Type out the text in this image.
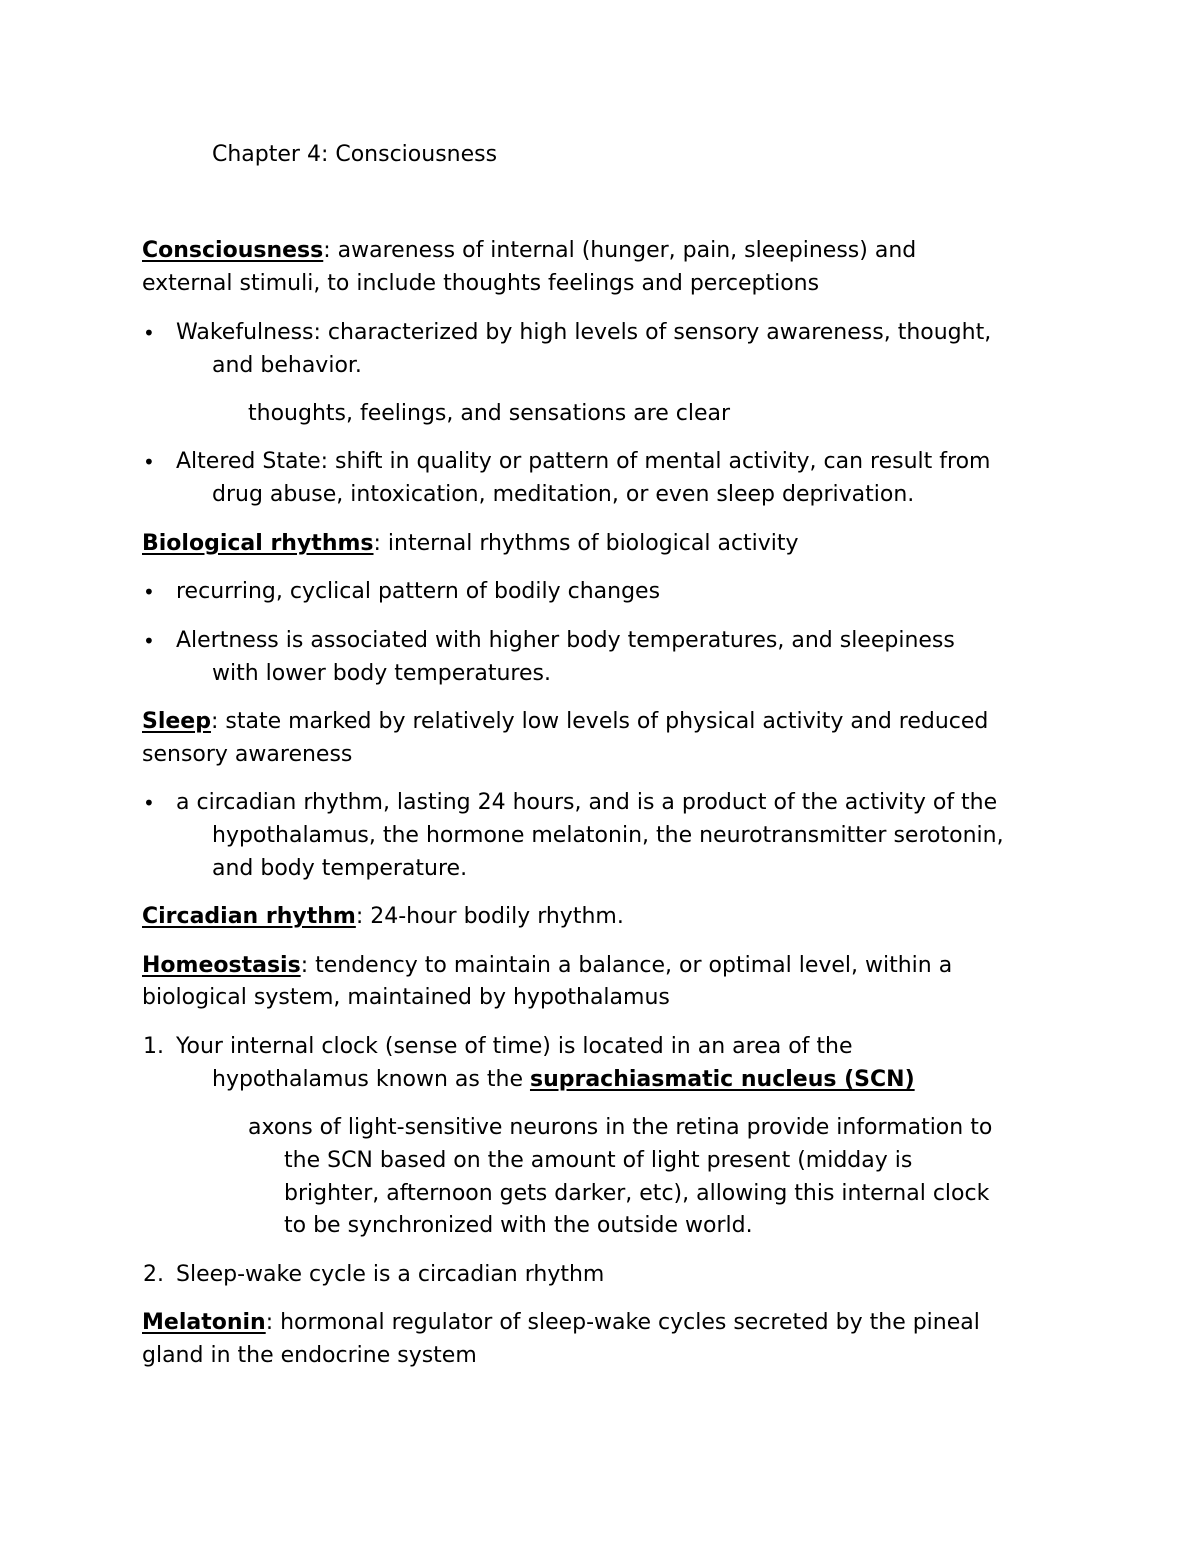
Chapter 4: Consciousness
Consciousness: awareness of internal (hunger, pain, sleepiness) and
external stimuli, to include thoughts feelings and perceptions
• Wakefulness: characterized by high levels of sensory awareness, thought,
and behavior.
thoughts, feelings, and sensations are clear
• Altered State: shift in quality or pattern of mental activity, can result from
drug abuse, intoxication, meditation, or even sleep deprivation.
Biological rhythms: internal rhythms of biological activity
• recurring, cyclical pattern of bodily changes
• Alertness is associated with higher body temperatures, and sleepiness
with lower body temperatures.
Sleep: state marked by relatively low levels of physical activity and reduced
sensory awareness
• a circadian rhythm, lasting 24 hours, and is a product of the activity of the
hypothalamus, the hormone melatonin, the neurotransmitter serotonin,
and body temperature.
Circadian rhythm: 24-hour bodily rhythm.
Homeostasis: tendency to maintain a balance, or optimal level, within a
biological system, maintained by hypothalamus
1. Your internal clock (sense of time) is located in an area of the
hypothalamus known as the suprachiasmatic nucleus (SCN)
axons of light-sensitive neurons in the retina provide information to
the SCN based on the amount of light present (midday is
brighter, afternoon gets darker, etc), allowing this internal clock
to be synchronized with the outside world.
2. Sleep-wake cycle is a circadian rhythm
Melatonin: hormonal regulator of sleep-wake cycles secreted by the pineal
gland in the endocrine system
